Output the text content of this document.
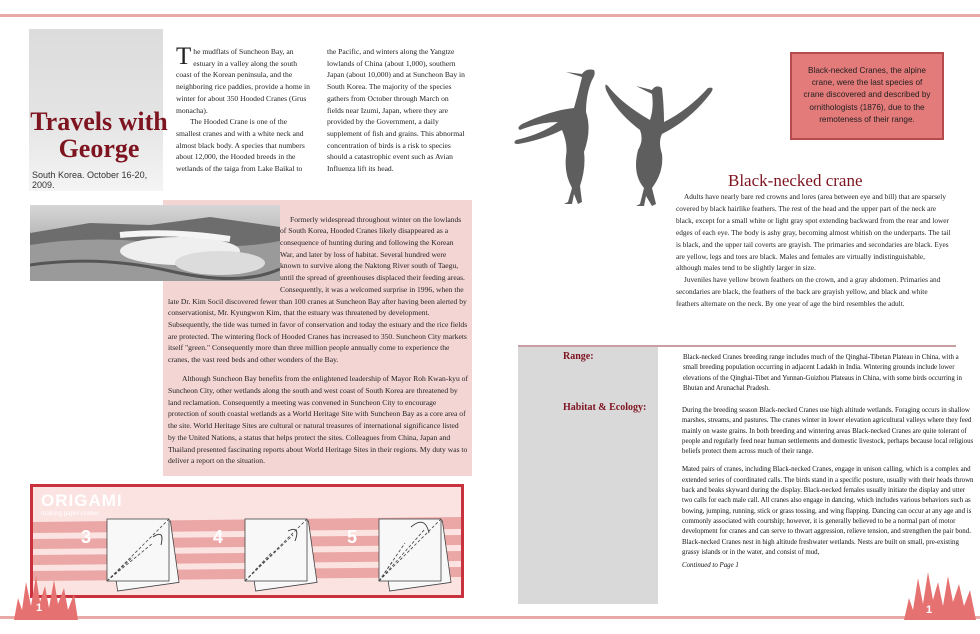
Travels with
George
South Korea. October 16-20, 2009.
The mudflats of Suncheon Bay, an estuary in a valley along the south coast of the Korean peninsula, and the neighboring rice paddies, provide a home in winter for about 350 Hooded Cranes (Grus monacha).
The Hooded Crane is one of the smallest cranes and with a white neck and almost black body. A species that numbers about 12,000, the Hooded breeds in the wetlands of the taiga from Lake Baikal to
the Pacific, and winters along the Yangtze lowlands of China (about 1,000), southern Japan (about 10,000) and at Suncheon Bay in South Korea. The majority of the species gathers from October through March on fields near Izumi, Japan, where they are provided by the Government, a daily supplement of fish and grains. This abnormal concentration of birds is a risk to species should a catastrophic event such as Avian Influenza lift its head.

Formerly widespread throughout winter on the lowlands of South Korea, Hooded Cranes likely disappeared as a consequence of hunting during and following the Korean War, and later by loss of habitat. Several hundred were known to survive along the Naktong River south of Taegu, until the spread of greenhouses displaced their feeding areas. Consequently, it was a welcomed surprise in 1996, when the late Dr. Kim Socil discovered fewer than 100 cranes at Suncheon Bay after having been alerted by conservationist, Mr. Kyungwon Kim, that the estuary was threatened by development. Subsequently, the tide was turned in favor of conservation and today the estuary and the rice fields are protected. The wintering flock of Hooded Cranes has increased to 350. Suncheon City markets itself "green." Consequently more than three million people annually come to experience the cranes, the vast reed beds and other wonders of the Bay.

Although Suncheon Bay benefits from the enlightened leadership of Mayor Roh Kwan-kyu of Suncheon City, other wetlands along the south and west coast of South Korea are threatened by land reclamation. Consequently a meeting was convened in Suncheon City to encourage protection of south coastal wetlands as a World Heritage Site with Suncheon Bay as a core area of the site. World Heritage Sites are cultural or natural treasures of international significance listed by the United Nations, a status that helps protect the sites. Colleagues from China, Japan and Thailand presented fascinating reports about World Heritage Sites in their regions. My duty was to deliver a report on the situation.

ORIGAMI
making paper cranes
3	4	5
1
Black-necked Cranes, the alpine crane, were the last species of crane discovered and described by ornithologists (1876), due to the remoteness of their range.
Black-necked crane

Adults have nearly bare red crowns and lores (area between eye and bill) that are sparsely covered by black hairlike feathers. The rest of the head and the upper part of the neck are black, except for a small white or light gray spot extending backward from the rear and lower edges of each eye. The body is ashy gray, becoming almost whitish on the underparts. The tail is black, and the upper tail coverts are grayish. The primaries and secondaries are black. Eyes are yellow, legs and toes are black. Males and females are virtually indistinguishable, although males tend to be slightly larger in size.

Juveniles have yellow brown feathers on the crown, and a gray abdomen. Primaries and secondaries are black, the feathers of the back are grayish yellow, and black and white feathers alternate on the neck. By one year of age the bird resembles the adult.

Range:
Habitat & Ecology:
Black-necked Cranes breeding range includes much of the Qinghai-Tibetan Plateau in China, with a small breeding population occurring in adjacent Ladakh in India. Wintering grounds include lower elevations of the Qinghai-Tibet and Yunnan-Guizhou Plateaus in China, with some birds occurring in Bhutan and Arunachal Pradesh.
During the breeding season Black-necked Cranes use high altitude wetlands. Foraging occurs in shallow marshes, streams, and pastures. The cranes winter in lower elevation agricultural valleys where they feed mainly on waste grains. In both breeding and wintering areas Black-necked Cranes are quite tolerant of people and regularly feed near human settlements and domestic livestock, perhaps because local religious beliefs protect them across much of their range.
Mated pairs of cranes, including Black-necked Cranes, engage in unison calling, which is a complex and extended series of coordinated calls. The birds stand in a specific posture, usually with their heads thrown back and beaks skyward during the display. Black-necked females usually initiate the display and utter two calls for each male call. All cranes also engage in dancing, which includes various behaviors such as bowing, jumping, running, stick or grass tossing, and wing flapping. Dancing can occur at any age and is commonly associated with courtship; however, it is generally believed to be a normal part of motor development for cranes and can serve to thwart aggression, relieve tension, and strengthen the pair bond. Black-necked Cranes nest in high altitude freshwater wetlands. Nests are built on small, pre-existing grassy islands or in the water, and consist of mud,
Continued to Page 1
1
